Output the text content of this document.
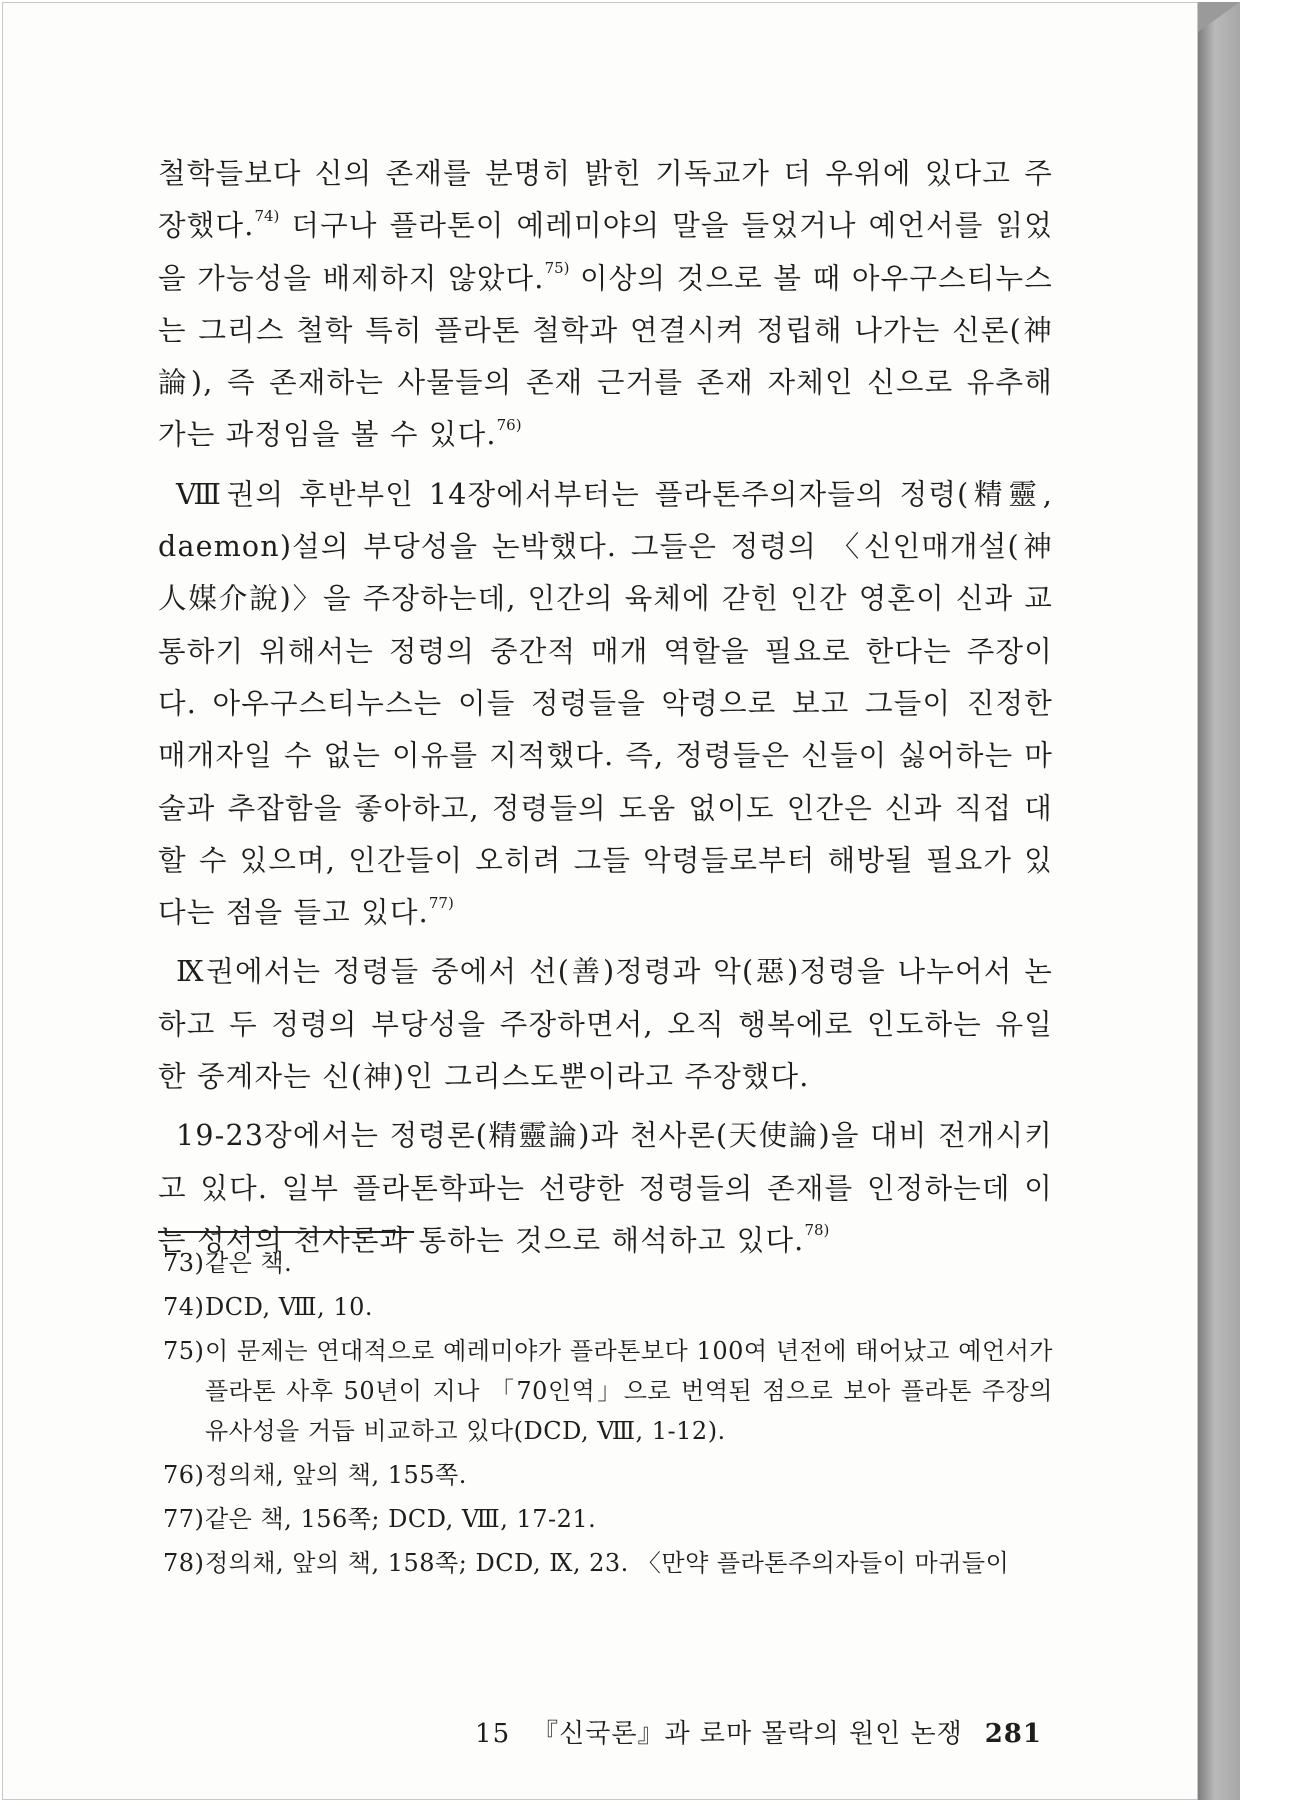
철학들보다 신의 존재를 분명히 밝힌 기독교가 더 우위에 있다고 주장했다.$^{74)}$ 더구나 플라톤이 예레미야의 말을 들었거나 예언서를 읽었을 가능성을 배제하지 않았다.$^{75)}$ 이상의 것으로 볼 때 아우구스티누스는 그리스 철학 특히 플라톤 철학과 연결시켜 정립해 나가는 신론(神論), 즉 존재하는 사물들의 존재 근거를 존재 자체인 신으로 유추해 가는 과정임을 볼 수 있다.$^{76)}$

Ⅷ권의 후반부인 14장에서부터는 플라톤주의자들의 정령(精靈, daemon)설의 부당성을 논박했다. 그들은 정령의 〈신인매개설(神人媒介說)〉을 주장하는데, 인간의 육체에 갇힌 인간 영혼이 신과 교통하기 위해서는 정령의 중간적 매개 역할을 필요로 한다는 주장이다. 아우구스티누스는 이들 정령들을 악령으로 보고 그들이 진정한 매개자일 수 없는 이유를 지적했다. 즉, 정령들은 신들이 싫어하는 마술과 추잡함을 좋아하고, 정령들의 도움 없이도 인간은 신과 직접 대할 수 있으며, 인간들이 오히려 그들 악령들로부터 해방될 필요가 있다는 점을 들고 있다.$^{77)}$

Ⅸ권에서는 정령들 중에서 선(善)정령과 악(惡)정령을 나누어서 논하고 두 정령의 부당성을 주장하면서, 오직 행복에로 인도하는 유일한 중계자는 신(神)인 그리스도뿐이라고 주장했다.

19-23장에서는 정령론(精靈論)과 천사론(天使論)을 대비 전개시키고 있다. 일부 플라톤학파는 선량한 정령들의 존재를 인정하는데 이는 성서의 천사론과 통하는 것으로 해석하고 있다.$^{78)}$

73) 같은 책.
74) DCD, Ⅷ, 10.
75) 이 문제는 연대적으로 예레미야가 플라톤보다 100여 년전에 태어났고 예언서가 플라톤 사후 50년이 지나 「70인역」으로 번역된 점으로 보아 플라톤 주장의 유사성을 거듭 비교하고 있다(DCD, Ⅷ, 1-12).
76) 정의채, 앞의 책, 155쪽.
77) 같은 책, 156쪽; DCD, Ⅷ, 17-21.
78) 정의채, 앞의 책, 158쪽; DCD, Ⅸ, 23. 〈만약 플라톤주의자들이 마귀들이
15 『신국론』과 로마 몰락의 원인 논쟁 281
